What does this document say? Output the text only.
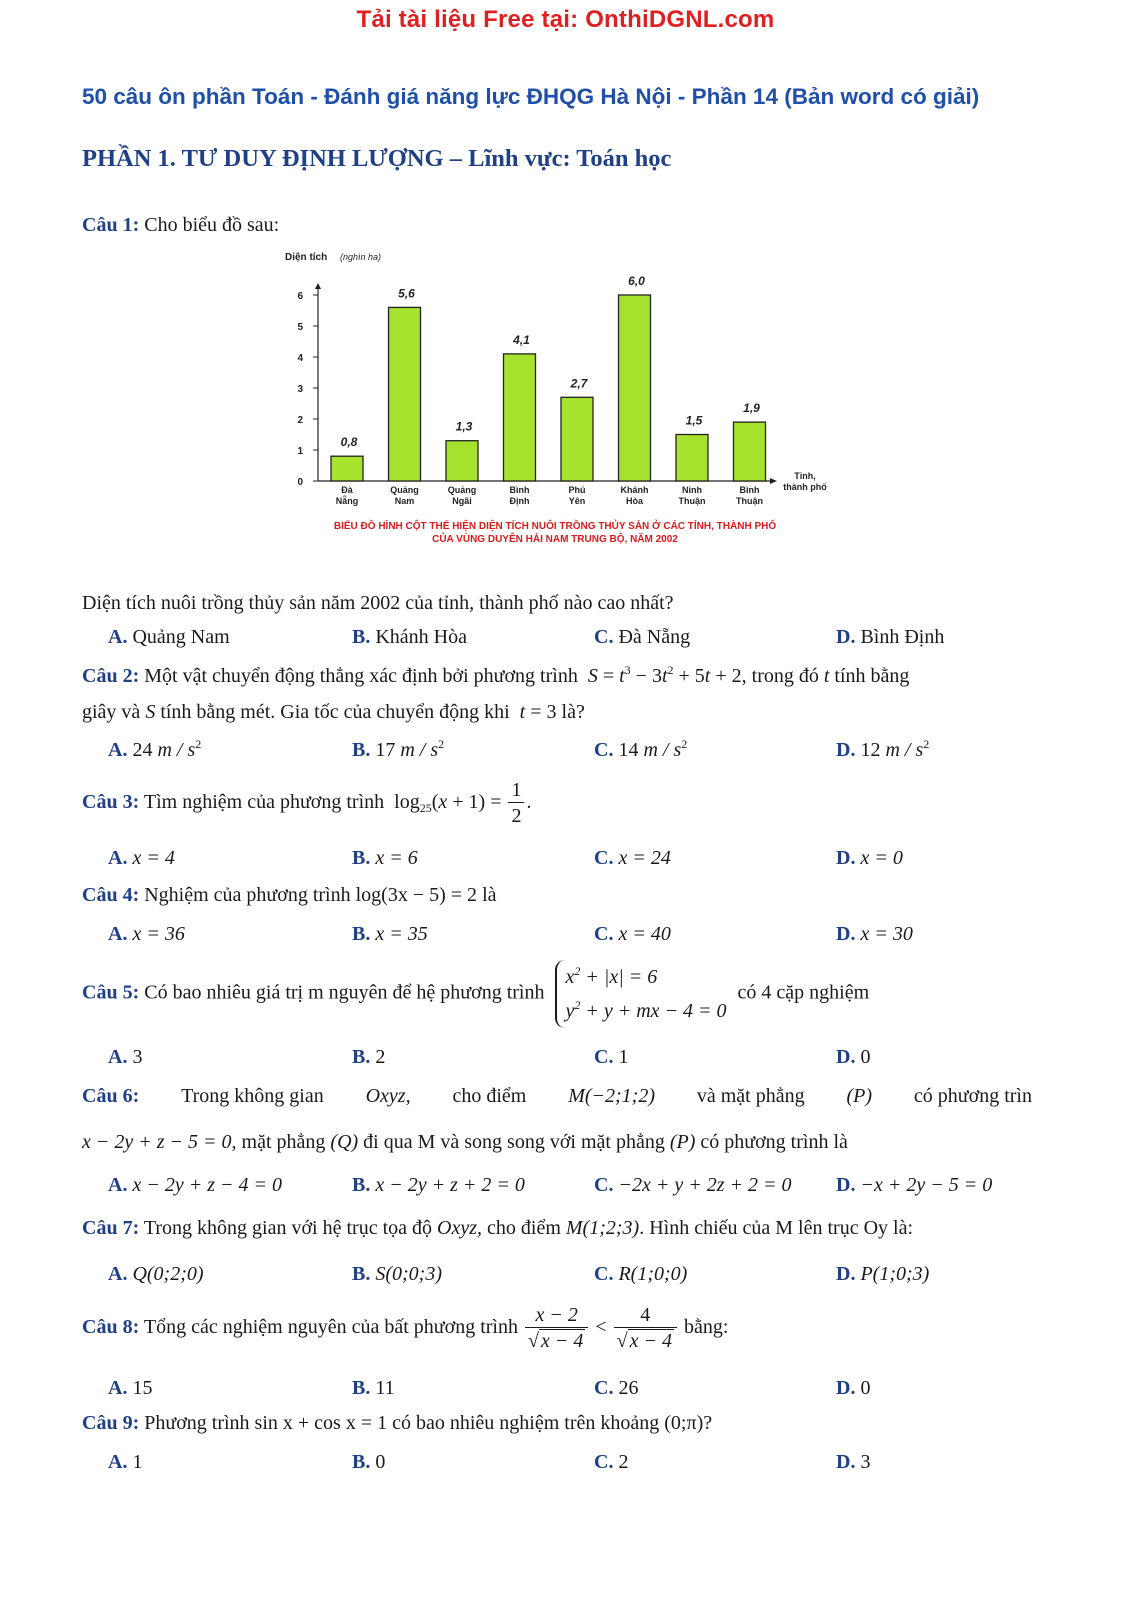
Tải tài liệu Free tại: OnthiDGNL.com
50 câu ôn phần Toán - Đánh giá năng lực ĐHQG Hà Nội - Phần 14 (Bản word có giải)
PHẦN 1. TƯ DUY ĐỊNH LƯỢNG – Lĩnh vực: Toán học
Câu 1: Cho biểu đồ sau:
Diện tích (nghìn ha)
0
1
2
3
4
5
6
0,8
Đà
Nẵng
5,6
Quảng
Nam
1,3
Quảng
Ngãi
4,1
Bình
Định
2,7
Phú
Yên
6,0
Khánh
Hòa
1,5
Ninh
Thuận
1,9
Bình
Thuận
Tỉnh,
thành phố
BIỂU ĐỒ HÌNH CỘT THỂ HIỆN DIỆN TÍCH NUÔI TRỒNG THỦY SẢN Ở CÁC TỈNH, THÀNH PHỐ
CỦA VÙNG DUYÊN HẢI NAM TRUNG BỘ, NĂM 2002
Diện tích nuôi trồng thủy sản năm 2002 của tỉnh, thành phố nào cao nhất?
A. Quảng Nam	B. Khánh Hòa	C. Đà Nẵng	D. Bình Định
Câu 2: Một vật chuyển động thẳng xác định bởi phương trình  $S = t^3 - 3t^2 + 5t + 2$, trong đó t tính bằng
giây và S tính bằng mét. Gia tốc của chuyển động khi t = 3 là?
A. 24 m / $s^2$	B. 17 m / $s^2$	C. 14 m / $s^2$	D. 12 m / $s^2$
Câu 3: Tìm nghiệm của phương trình  $\log_{25}(x + 1) = \frac{1}{2}$ .
A. x = 4	B. x = 6	C. x = 24	D. x = 0
Câu 4: Nghiệm của phương trình log(3x − 5) = 2 là
A. x = 36	B. x = 35	C. x = 40	D. x = 30
Câu 5: Có bao nhiêu giá trị m nguyên để hệ phương trình
$x^2 + |x| = 6$
$y^2 + y$ + mx − 4 = 0
có 4 cặp nghiệm
A. 3	B. 2	C. 1	D. 0
Câu 6: Trong không gian Oxyz, cho điểm M(−2;1;2) và mặt phẳng (P) có phương trìn
x − 2y + z − 5 = 0, mặt phẳng (Q) đi qua M và song song với mặt phẳng (P) có phương trình là
A. x − 2y + z − 4 = 0	B. x − 2y + z + 2 = 0	C. −2x + y + 2z + 2 = 0 D. −x + 2y − 5 = 0
Câu 7: Trong không gian với hệ trục tọa độ Oxyz, cho điểm M(1;2;3). Hình chiếu của M lên trục Oy là:
A. Q(0;2;0)	B. S(0;0;3)	C. R(1;0;0)	D. P(1;0;3)
Câu 8: Tổng các nghiệm nguyên của bất phương trình $\frac{x - 2}{√ x - 4} < \frac{4}{√ x - 4}$ bằng:
A. 15	B. 11	C. 26	D. 0
Câu 9: Phương trình sin x + cos x = 1 có bao nhiêu nghiệm trên khoảng (0;π)?
A. 1	B. 0	C. 2	D. 3
